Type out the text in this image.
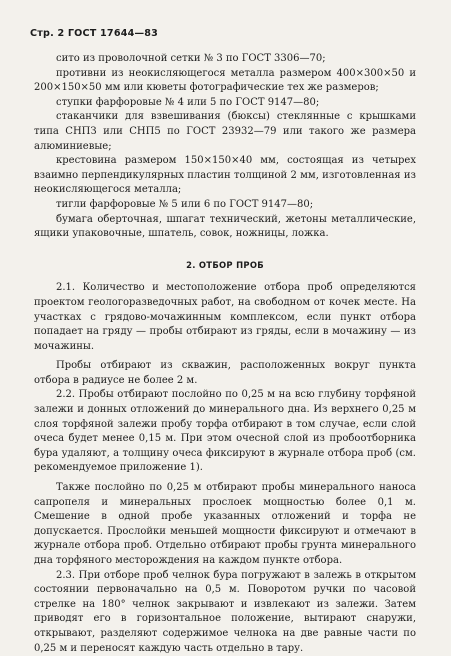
Стр. 2 ГОСТ 17644—83

сито из проволочной сетки № 3 по ГОСТ 3306—70;

противни из неокисляющегося металла размером 400×300×50 и 200×150×50 мм или кюветы фотографические тех же размеров;

ступки фарфоровые № 4 или 5 по ГОСТ 9147—80;

стаканчики для взвешивания (бюксы) стеклянные с крышками типа СНПЗ или СНП5 по ГОСТ 23932—79 или такого же размера алюминиевые;

крестовина размером 150×150×40 мм, состоящая из четырех взаимно перпендикулярных пластин толщиной 2 мм, изготовленная из неокисляющегося металла;

тигли фарфоровые № 5 или 6 по ГОСТ 9147—80;

бумага оберточная, шпагат технический, жетоны металлические, ящики упаковочные, шпатель, совок, ножницы, ложка.

2. ОТБОР ПРОБ

2.1. Количество и местоположение отбора проб определяются проектом геологоразведочных работ, на свободном от кочек месте. На участках с грядово-мочажинным комплексом, если пункт отбора попадает на гряду — пробы отбирают из гряды, если в мочажину — из мочажины.

Пробы отбирают из скважин, расположенных вокруг пункта отбора в радиусе не более 2 м.

2.2. Пробы отбирают послойно по 0,25 м на всю глубину торфяной залежи и донных отложений до минерального дна. Из верхнего 0,25 м слоя торфяной залежи пробу торфа отбирают в том случае, если слой очеса будет менее 0,15 м. При этом очесной слой из пробоотборника бура удаляют, а толщину очеса фиксируют в журнале отбора проб (см. рекомендуемое приложение 1).

Также послойно по 0,25 м отбирают пробы минерального наноса сапропеля и минеральных прослоек мощностью более 0,1 м. Смешение в одной пробе указанных отложений и торфа не допускается. Прослойки меньшей мощности фиксируют и отмечают в журнале отбора проб. Отдельно отбирают пробы грунта минерального дна торфяного месторождения на каждом пункте отбора.

2.3. При отборе проб челнок бура погружают в залежь в открытом состоянии первоначально на 0,5 м. Поворотом ручки по часовой стрелке на 180° челнок закрывают и извлекают из залежи. Затем приводят его в горизонтальное положение, вытирают снаружи, открывают, разделяют содержимое челнока на две равные части по 0,25 м и переносят каждую часть отдельно в тару.
